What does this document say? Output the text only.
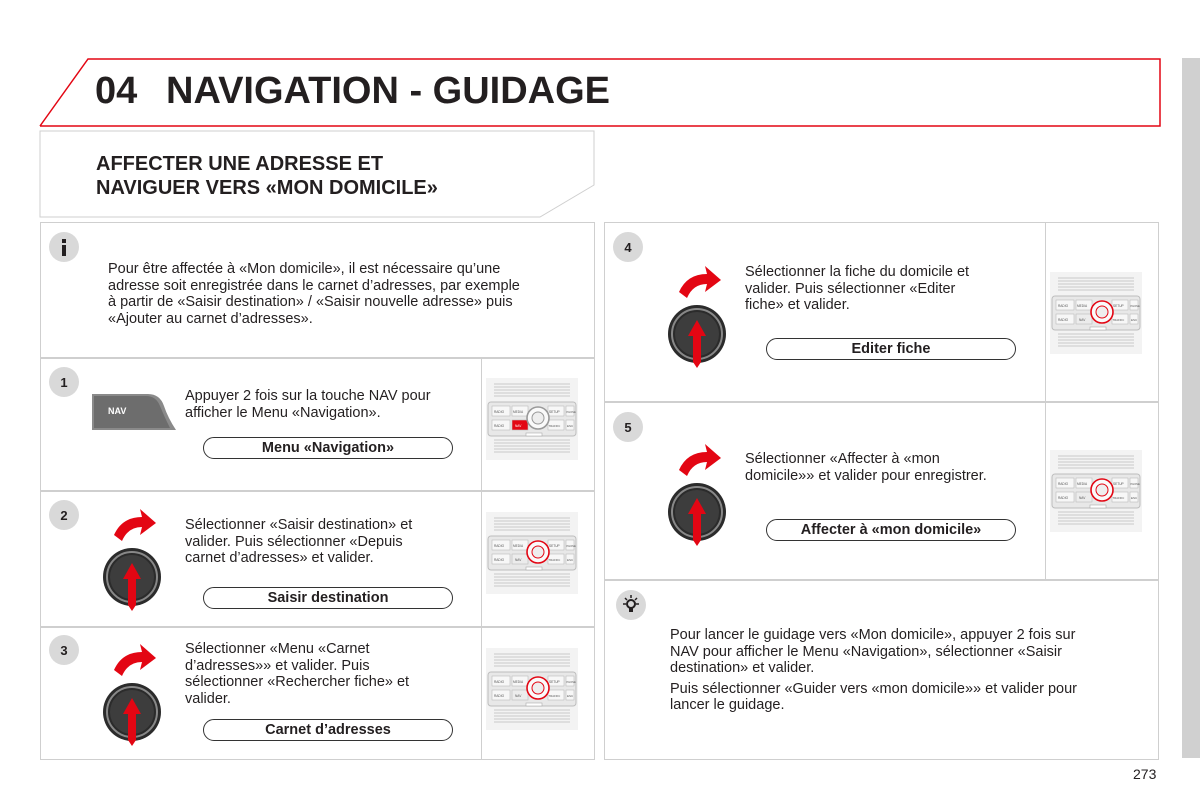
04 NAVIGATION - GUIDAGE
AFFECTER UNE ADRESSE ET
NAVIGUER VERS «MON DOMICILE»
Pour être affectée à «Mon domicile», il est nécessaire qu’une
adresse soit enregistrée dans le carnet d’adresses, par exemple
à partir de «Saisir destination» / «Saisir nouvelle adresse» puis
«Ajouter au carnet d’adresses».
1
NAV
Appuyer 2 fois sur la touche NAV pour
afficher le Menu «Navigation».
Menu «Navigation»
2
Sélectionner «Saisir destination» et
valider. Puis sélectionner «Depuis
carnet d’adresses» et valider.
Saisir destination
3	Sélectionner «Menu «Carnet
d’adresses»» et valider. Puis
sélectionner «Rechercher fiche» et
valider.
Carnet d’adresses
4
Sélectionner la fiche du domicile et
valider. Puis sélectionner «Editer
fiche» et valider.
Editer fiche
5
Sélectionner «Affecter à «mon
domicile»» et valider pour enregistrer.
Affecter à «mon domicile»
Pour lancer le guidage vers «Mon domicile», appuyer 2 fois sur
NAV pour afficher le Menu «Navigation», sélectionner «Saisir
destination» et valider.
Puis sélectionner «Guider vers «mon domicile»» et valider pour
lancer le guidage.
273
RADIO	MEDIA	SETUP	PHONE
RADIO	NAV	TRAFFIC ESC
RADIO	MEDIA	SETUP	PHONE
RADIO	NAV	TRAFFIC ESC
RADIO	MEDIA	SETUP	PHONE
RADIO	NAV	TRAFFIC ESC
RADIO	MEDIA	SETUP	PHONE
RADIO	NAV	TRAFFIC ESC
RADIO	MEDIA	SETUP	PHONE
RADIO	NAV	TRAFFIC ESC
